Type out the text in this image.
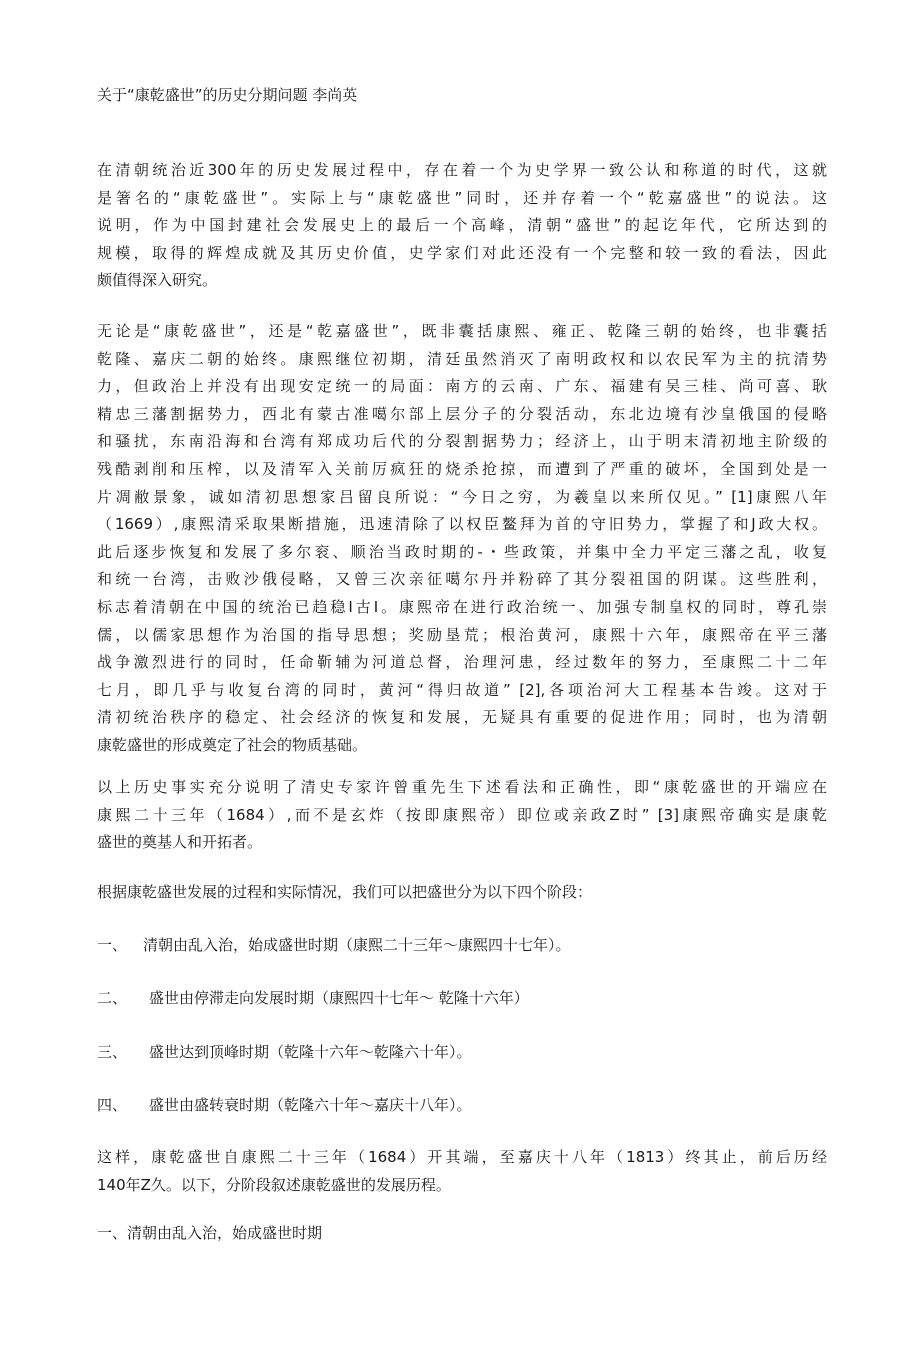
关于“康乾盛世”的历史分期问题 李尚英
在清朝统治近300年的历史发展过程中，存在着一个为史学界一致公认和称道的时代，这就
是箸名的“康乾盛世”。实际上与“康乾盛世”同时，还并存着一个“乾嘉盛世”的说法。这
说明，作为中国封建社会发展史上的最后一个高峰，清朝“盛世”的起讫年代，它所达到的
规模，取得的辉煌成就及其历史价值，史学家们对此还没有一个完整和较一致的看法，因此
颇值得深入研究。
无论是“康乾盛世”，还是“乾嘉盛世”，既非囊括康熙、雍正、乾隆三朝的始终，也非囊括
乾隆、嘉庆二朝的始终。康熙继位初期，清廷虽然消灭了南明政权和以农民军为主的抗清势
力，但政治上并没有出现安定统一的局面：南方的云南、广东、福建有吴三桂、尚可喜、耿
精忠三藩割据势力，西北有蒙古准噶尔部上层分子的分裂活动，东北边境有沙皇俄国的侵略
和骚扰，东南沿海和台湾有郑成功后代的分裂割据势力；经济上，山于明末清初地主阶级的
残酷剥削和压榨，以及清军入关前厉疯狂的烧杀抢掠，而遭到了严重的破坏，全国到处是一
片凋敝景象，诚如清初思想家吕留良所说：“今日之穷，为羲皇以来所仅见。” [1]康熙八年
（1669）,康熙清采取果断措施，迅速清除了以权臣鳌拜为首的守旧势力，掌握了和J政大权。
此后逐步恢复和发展了多尔衮、顺治当政时期的-・些政策，并集中全力平定三藩之乱，收复
和统一台湾，击败沙俄侵略，又曾三次亲征噶尔丹并粉碎了其分裂祖国的阴谋。这些胜利，
标志着清朝在中国的统治已趋稳I古I。康熙帝在进行政治统一、加强专制皇权的同时，尊孔崇
儒，以儒家思想作为治国的指导思想；奖励垦荒；根治黄河，康熙十六年，康熙帝在平三藩
战争激烈进行的同时，任命靳辅为河道总督，治理河患，经过数年的努力，至康熙二十二年
七月，即几乎与收复台湾的同时，黄河“得归故道” [2],各项治河大工程基本告竣。这对于
清初统治秩序的稳定、社会经济的恢复和发展，无疑具有重要的促进作用；同时，也为清朝
康乾盛世的形成奠定了社会的物质基础。
以上历史事实充分说明了清史专家许曾重先生下述看法和正确性，即“康乾盛世的开端应在
康熙二十三年（1684）,而不是玄炸（按即康熙帝）即位或亲政Z时” [3]康熙帝确实是康乾
盛世的奠基人和开拓者。
根据康乾盛世发展的过程和实际情况，我们可以把盛世分为以下四个阶段：
一、 清朝由乱入治，始成盛世时期（康熙二十三年〜康熙四十七年）。
二、 盛世由停滞走向发展时期（康熙四十七年〜 乾隆十六年）
三、 盛世达到顶峰时期（乾隆十六年〜乾隆六十年）。
四、 盛世由盛转衰时期（乾隆六十年〜嘉庆十八年）。
这样，康乾盛世自康熙二十三年（1684）开其端，至嘉庆十八年（1813）终其止，前后历经
140年Z久。以下，分阶段叙述康乾盛世的发展历程。
一、清朝由乱入治，始成盛世时期
